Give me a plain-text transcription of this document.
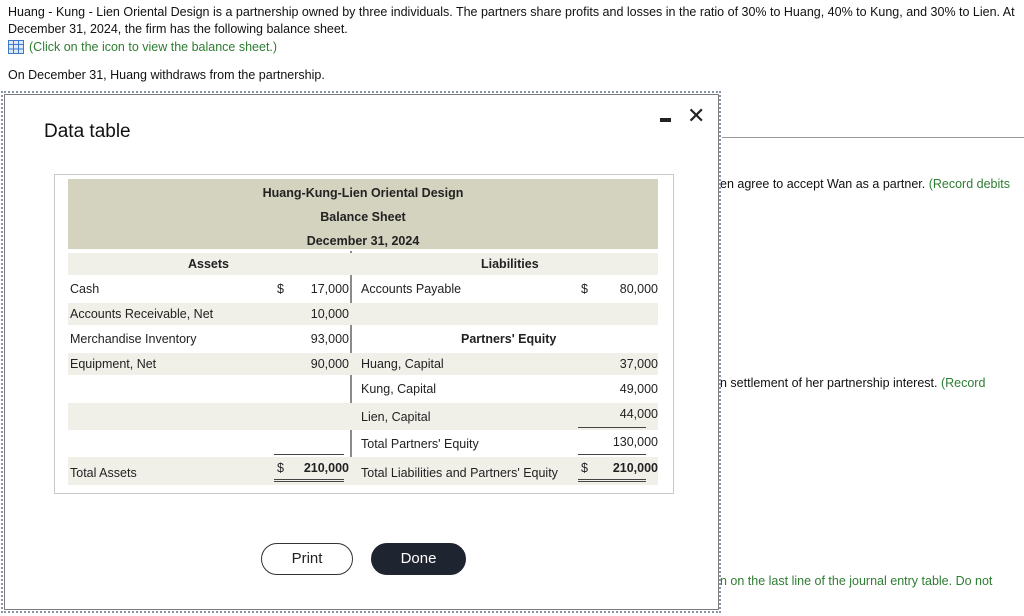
Huang - Kung - Lien Oriental Design is a partnership owned by three individuals. The partners share profits and losses in the ratio of 30% to Huang, 40% to Kung, and 30% to Lien. At December 31, 2024, the firm has the following balance sheet.
(Click on the icon to view the balance sheet.)
On December 31, Huang withdraws from the partnership.
en agree to accept Wan as a partner. (Record debits
n settlement of her partnership interest. (Record
n on the last line of the journal entry table. Do not
Data table
✕
Huang-Kung-Lien Oriental Design
Balance Sheet
December 31, 2024
Assets	Liabilities
Cash	$	17,000 Accounts Payable	$	80,000
Accounts Receivable, Net	10,000
Merchandise Inventory	93,000	Partners' Equity
Equipment, Net	90,000 Huang, Capital	37,000
Kung, Capital	49,000
Lien, Capital	44,000
Total Partners' Equity	130,000
Total Assets	$	210,000 Total Liabilities and Partners' Equity $	210,000
Print	Done
